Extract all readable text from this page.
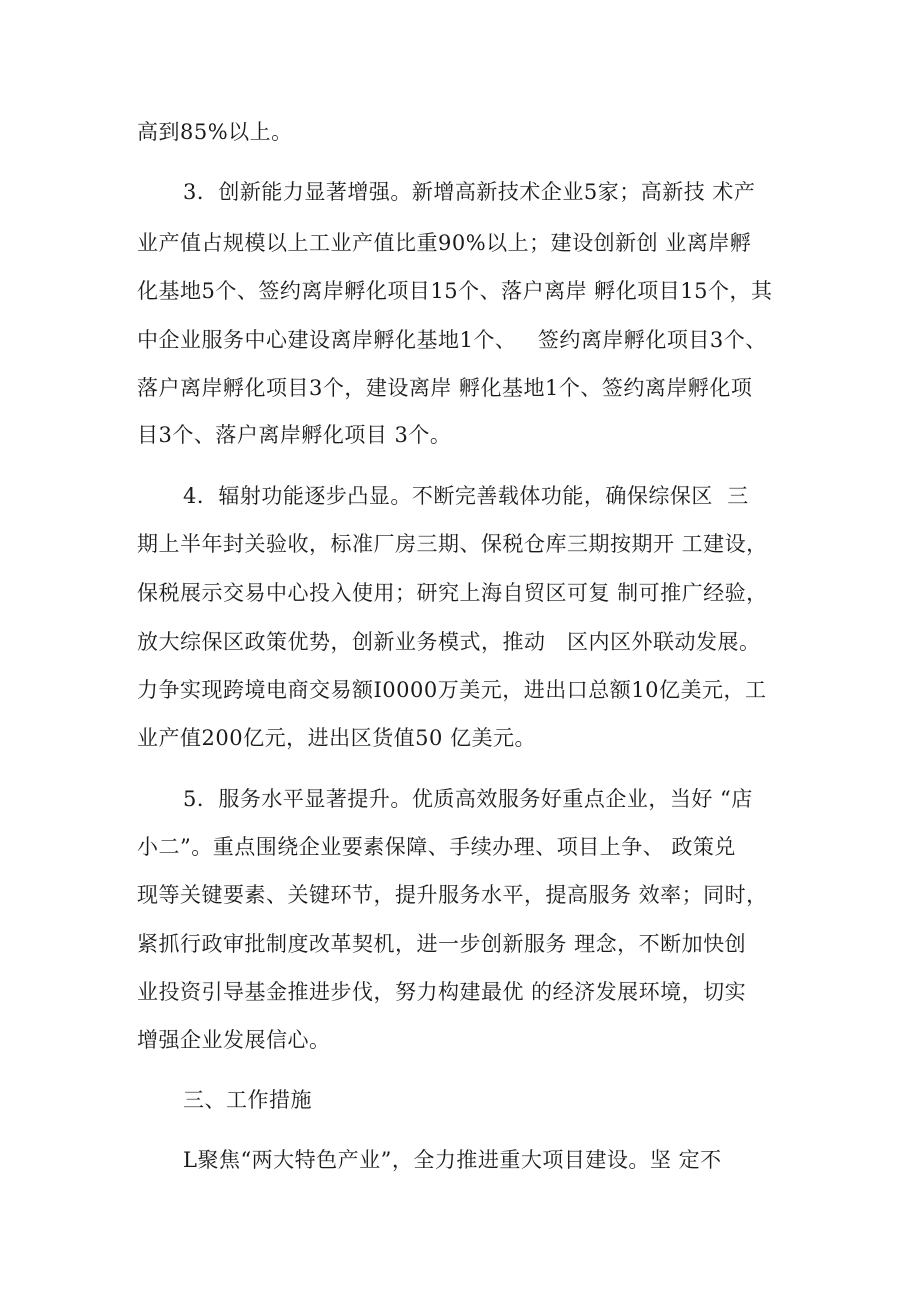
高到85%以上。
3．创新能力显著增强。新增高新技术企业5家；高新技 术产
业产值占规模以上工业产值比重90%以上；建设创新创 业离岸孵
化基地5个、签约离岸孵化项目15个、落户离岸 孵化项目15个，其
中企业服务中心建设离岸孵化基地1个、   签约离岸孵化项目3个、
落户离岸孵化项目3个，建设离岸 孵化基地1个、签约离岸孵化项
目3个、落户离岸孵化项目 3个。
4．辐射功能逐步凸显。不断完善载体功能，确保综保区  三
期上半年封关验收，标准厂房三期、保税仓库三期按期开 工建设，
保税展示交易中心投入使用；研究上海自贸区可复 制可推广经验，
放大综保区政策优势，创新业务模式，推动   区内区外联动发展。
力争实现跨境电商交易额I0000万美元，进出口总额10亿美元，工
业产值200亿元，进出区货值50 亿美元。
5．服务水平显著提升。优质高效服务好重点企业，当好 “店
小二”。重点围绕企业要素保障、手续办理、项目上争、 政策兑
现等关键要素、关键环节，提升服务水平，提高服务 效率；同时，
紧抓行政审批制度改革契机，进一步创新服务 理念，不断加快创
业投资引导基金推进步伐，努力构建最优 的经济发展环境，切实
增强企业发展信心。
三、工作措施
L聚焦“两大特色产业”，全力推进重大项目建设。坚 定不
